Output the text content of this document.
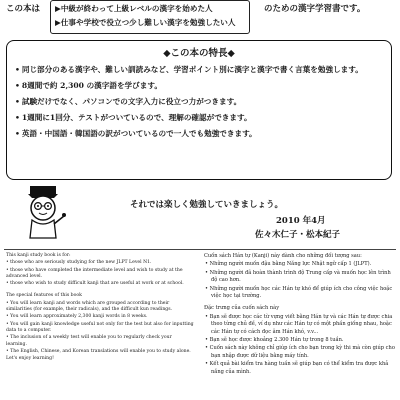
この本は ▶中級が終わって上級レベルの漢字を始めた人
▶仕事や学校で役立つ少し難しい漢字を勉強したい人
のための漢字学習書です。
◆この本の特長◆
• 同じ部分のある漢字や、難しい訓読みなど、学習ポイント別に漢字と漢字で書く言葉を勉強します。
• 8週間で約 2,300 の漢字語を学びます。
• 試験だけでなく、パソコンでの文字入力に役立つ力がつきます。
• 1週間に1回分、テストがついているので、理解の確認ができます。
• 英語・中国語・韓国語の訳がついているので一人でも勉強できます。
それでは楽しく勉強していきましょう。
2010 年4月
佐々木仁子・松本紀子

This kanji study book is for:

• those who are seriously studying for the new JLPT Level N1.

• those who have completed the intermediate level and wish to study at the advanced level.

• those who wish to study difficult kanji that are useful at work or at school.

The special features of this book

• You will learn kanji and words which are grouped according to their similarities (for example, their radicals), and the difficult kun readings.

• You will learn approximately 2,300 kanji words in 8 weeks.

• You will gain kanji knowledge useful not only for the test but also for inputting data to a computer.

• The inclusion of a weekly test will enable you to regularly check your learning.

• The English, Chinese, and Korean translations will enable you to study alone.

Let's enjoy learning!

Cuốn sách Hán tự (Kanji) này dành cho những đối tượng sau:

• Những người muốn đậu bằng Năng lực Nhật ngữ cấp 1 (JLPT).

• Những người đã hoàn thành trình độ Trung cấp và muốn học lên trình độ cao hơn.

• Những người muốn học các Hán tự khó để giúp ích cho công việc hoặc việc học tại trường.

Đặc trưng của cuốn sách này

• Bạn sẽ được học các từ vựng viết bằng Hán tự và các Hán tự được chia theo từng chủ đề, ví dụ như các Hán tự có một phần giống nhau, hoặc các Hán tự có cách đọc âm Hán khó, v.v...

• Bạn sẽ học được khoảng 2.300 Hán tự trong 8 tuần.

• Cuốn sách này không chỉ giúp ích cho bạn trong kỳ thi mà còn giúp cho bạn nhập được dữ liệu bằng máy tính.

• Kết quả bài kiểm tra hàng tuần sẽ giúp bạn có thể kiểm tra được khả năng của mình.
